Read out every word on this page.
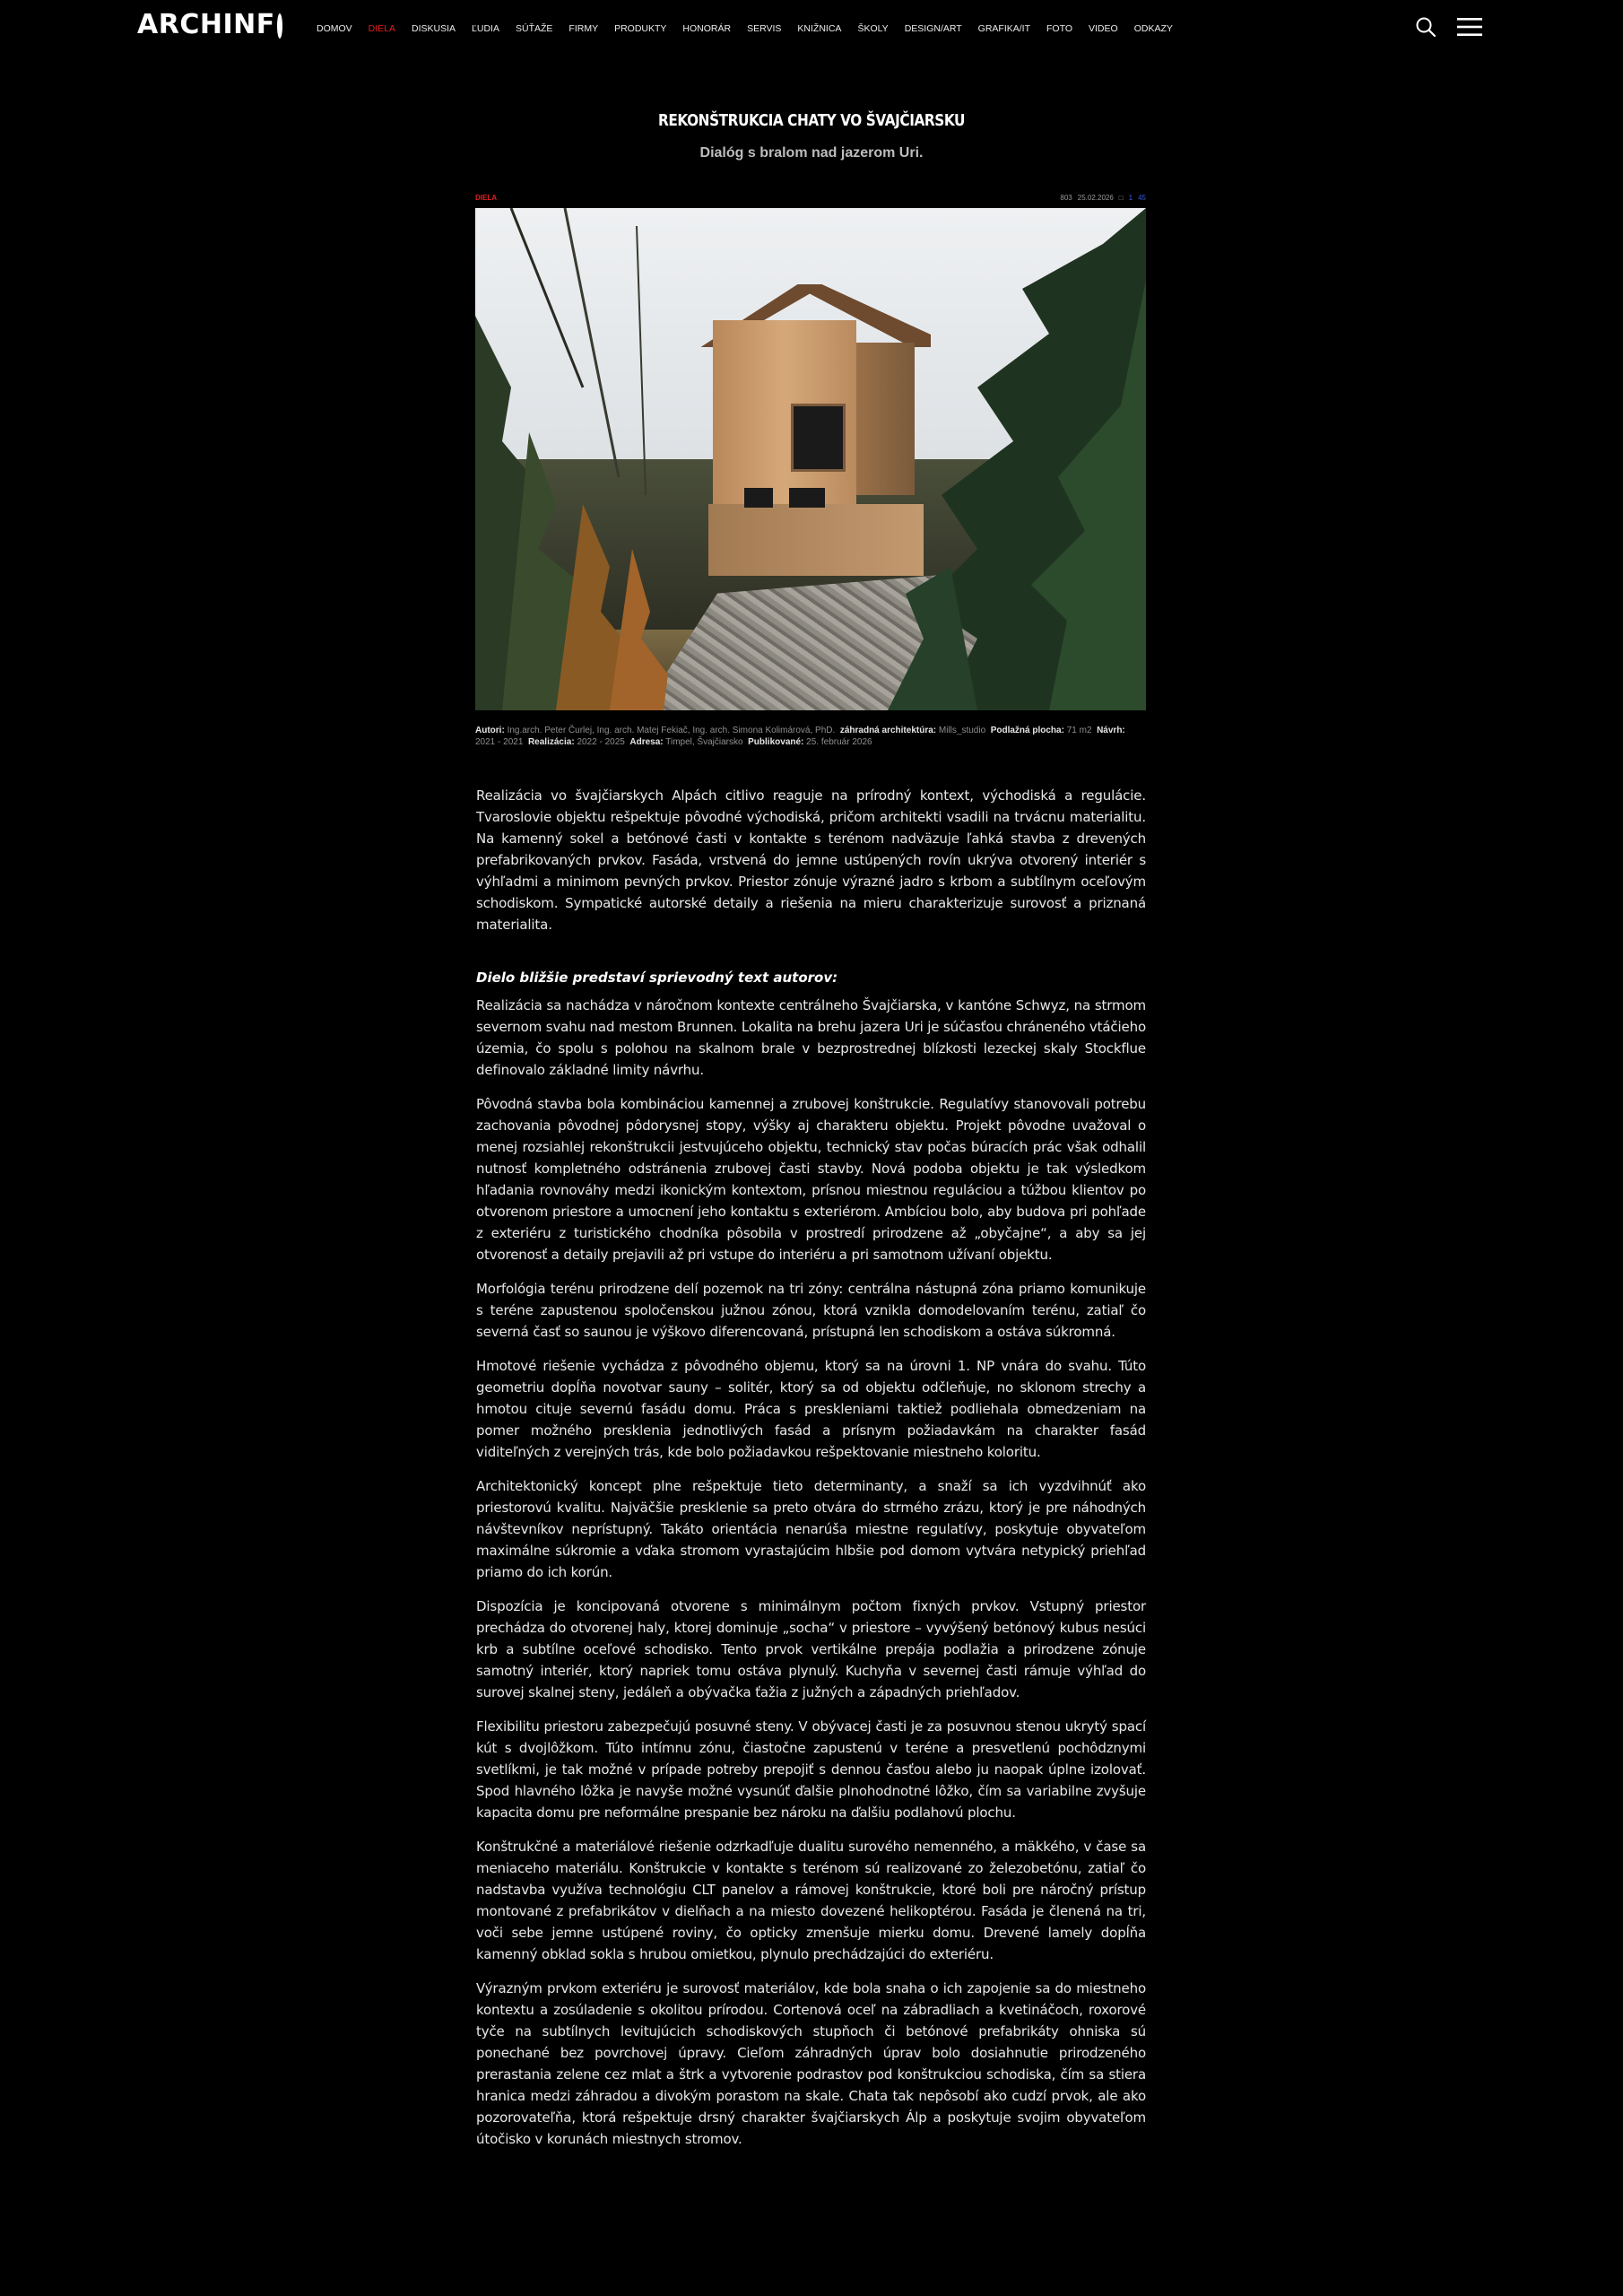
ARCHINF	DOMOV DIELA DISKUSIA ĽUDIA SÚŤAŽE FIRMY PRODUKTY HONORÁR SERVIS KNIŽNICA ŠKOLY DESIGN/ART GRAFIKA/IT FOTO VIDEO ODKAZY
REKONŠTRUKCIA CHATY VO ŠVAJČIARSKU
Dialóg s bralom nad jazerom Uri.
DIELA	803 25.02.2026 □ 1 45
Autori: Ing.arch. Peter Čurlej, Ing. arch. Matej Fekiač, Ing. arch. Simona Kolimárová, PhD. záhradná architektúra: Mills_studio Podlažná plocha: 71 m2 Návrh: 2021 - 2021 Realizácia: 2022 - 2025 Adresa: Timpel, Švajčiarsko Publikované: 25. február 2026

Realizácia vo švajčiarskych Alpách citlivo reaguje na prírodný kontext, východiská a regulácie. Tvaroslovie objektu rešpektuje pôvodné východiská, pričom architekti vsadili na trvácnu materialitu. Na kamenný sokel a betónové časti v kontakte s terénom nadväzuje ľahká stavba z drevených prefabrikovaných prvkov. Fasáda, vrstvená do jemne ustúpených rovín ukrýva otvorený interiér s výhľadmi a minimom pevných prvkov. Priestor zónuje výrazné jadro s krbom a subtílnym oceľovým schodiskom. Sympatické autorské detaily a riešenia na mieru charakterizuje surovosť a priznaná materialita.

Dielo bližšie predstaví sprievodný text autorov:

Realizácia sa nachádza v náročnom kontexte centrálneho Švajčiarska, v kantóne Schwyz, na strmom severnom svahu nad mestom Brunnen. Lokalita na brehu jazera Uri je súčasťou chráneného vtáčieho územia, čo spolu s polohou na skalnom brale v bezprostrednej blízkosti lezeckej skaly Stockflue definovalo základné limity návrhu.

Pôvodná stavba bola kombináciou kamennej a zrubovej konštrukcie. Regulatívy stanovovali potrebu zachovania pôvodnej pôdorysnej stopy, výšky aj charakteru objektu. Projekt pôvodne uvažoval o menej rozsiahlej rekonštrukcii jestvujúceho objektu, technický stav počas búracích prác však odhalil nutnosť kompletného odstránenia zrubovej časti stavby. Nová podoba objektu je tak výsledkom hľadania rovnováhy medzi ikonickým kontextom, prísnou miestnou reguláciou a túžbou klientov po otvorenom priestore a umocnení jeho kontaktu s exteriérom. Ambíciou bolo, aby budova pri pohľade z exteriéru z turistického chodníka pôsobila v prostredí prirodzene až „obyčajne“, a aby sa jej otvorenosť a detaily prejavili až pri vstupe do interiéru a pri samotnom užívaní objektu.

Morfológia terénu prirodzene delí pozemok na tri zóny: centrálna nástupná zóna priamo komunikuje s teréne zapustenou spoločenskou južnou zónou, ktorá vznikla domodelovaním terénu, zatiaľ čo severná časť so saunou je výškovo diferencovaná, prístupná len schodiskom a ostáva súkromná.

Hmotové riešenie vychádza z pôvodného objemu, ktorý sa na úrovni 1. NP vnára do svahu. Túto geometriu dopĺňa novotvar sauny – solitér, ktorý sa od objektu odčleňuje, no sklonom strechy a hmotou cituje severnú fasádu domu. Práca s preskleniami taktiež podliehala obmedzeniam na pomer možného presklenia jednotlivých fasád a prísnym požiadavkám na charakter fasád viditeľných z verejných trás, kde bolo požiadavkou rešpektovanie miestneho koloritu.

Architektonický koncept plne rešpektuje tieto determinanty, a snaží sa ich vyzdvihnúť ako priestorovú kvalitu. Najväčšie presklenie sa preto otvára do strmého zrázu, ktorý je pre náhodných návštevníkov neprístupný. Takáto orientácia nenarúša miestne regulatívy, poskytuje obyvateľom maximálne súkromie a vďaka stromom vyrastajúcim hlbšie pod domom vytvára netypický priehľad priamo do ich korún.

Dispozícia je koncipovaná otvorene s minimálnym počtom fixných prvkov. Vstupný priestor prechádza do otvorenej haly, ktorej dominuje „socha“ v priestore – vyvýšený betónový kubus nesúci krb a subtílne oceľové schodisko. Tento prvok vertikálne prepája podlažia a prirodzene zónuje samotný interiér, ktorý napriek tomu ostáva plynulý. Kuchyňa v severnej časti rámuje výhľad do surovej skalnej steny, jedáleň a obývačka ťažia z južných a západných priehľadov.

Flexibilitu priestoru zabezpečujú posuvné steny. V obývacej časti je za posuvnou stenou ukrytý spací kút s dvojlôžkom. Túto intímnu zónu, čiastočne zapustenú v teréne a presvetlenú pochôdznymi svetlíkmi, je tak možné v prípade potreby prepojiť s dennou časťou alebo ju naopak úplne izolovať. Spod hlavného lôžka je navyše možné vysunúť ďalšie plnohodnotné lôžko, čím sa variabilne zvyšuje kapacita domu pre neformálne prespanie bez nároku na ďalšiu podlahovú plochu.

Konštrukčné a materiálové riešenie odzrkadľuje dualitu surového nemenného, a mäkkého, v čase sa meniaceho materiálu. Konštrukcie v kontakte s terénom sú realizované zo železobetónu, zatiaľ čo nadstavba využíva technológiu CLT panelov a rámovej konštrukcie, ktoré boli pre náročný prístup montované z prefabrikátov v dielňach a na miesto dovezené helikoptérou. Fasáda je členená na tri, voči sebe jemne ustúpené roviny, čo opticky zmenšuje mierku domu. Drevené lamely dopĺňa kamenný obklad sokla s hrubou omietkou, plynulo prechádzajúci do exteriéru.

Výrazným prvkom exteriéru je surovosť materiálov, kde bola snaha o ich zapojenie sa do miestneho kontextu a zosúladenie s okolitou prírodou. Cortenová oceľ na zábradliach a kvetináčoch, roxorové tyče na subtílnych levitujúcich schodiskových stupňoch či betónové prefabrikáty ohniska sú ponechané bez povrchovej úpravy. Cieľom záhradných úprav bolo dosiahnutie prirodzeného prerastania zelene cez mlat a štrk a vytvorenie podrastov pod konštrukciou schodiska, čím sa stiera hranica medzi záhradou a divokým porastom na skale. Chata tak nepôsobí ako cudzí prvok, ale ako pozorovateľňa, ktorá rešpektuje drsný charakter švajčiarskych Álp a poskytuje svojim obyvateľom útočisko v korunách miestnych stromov.
